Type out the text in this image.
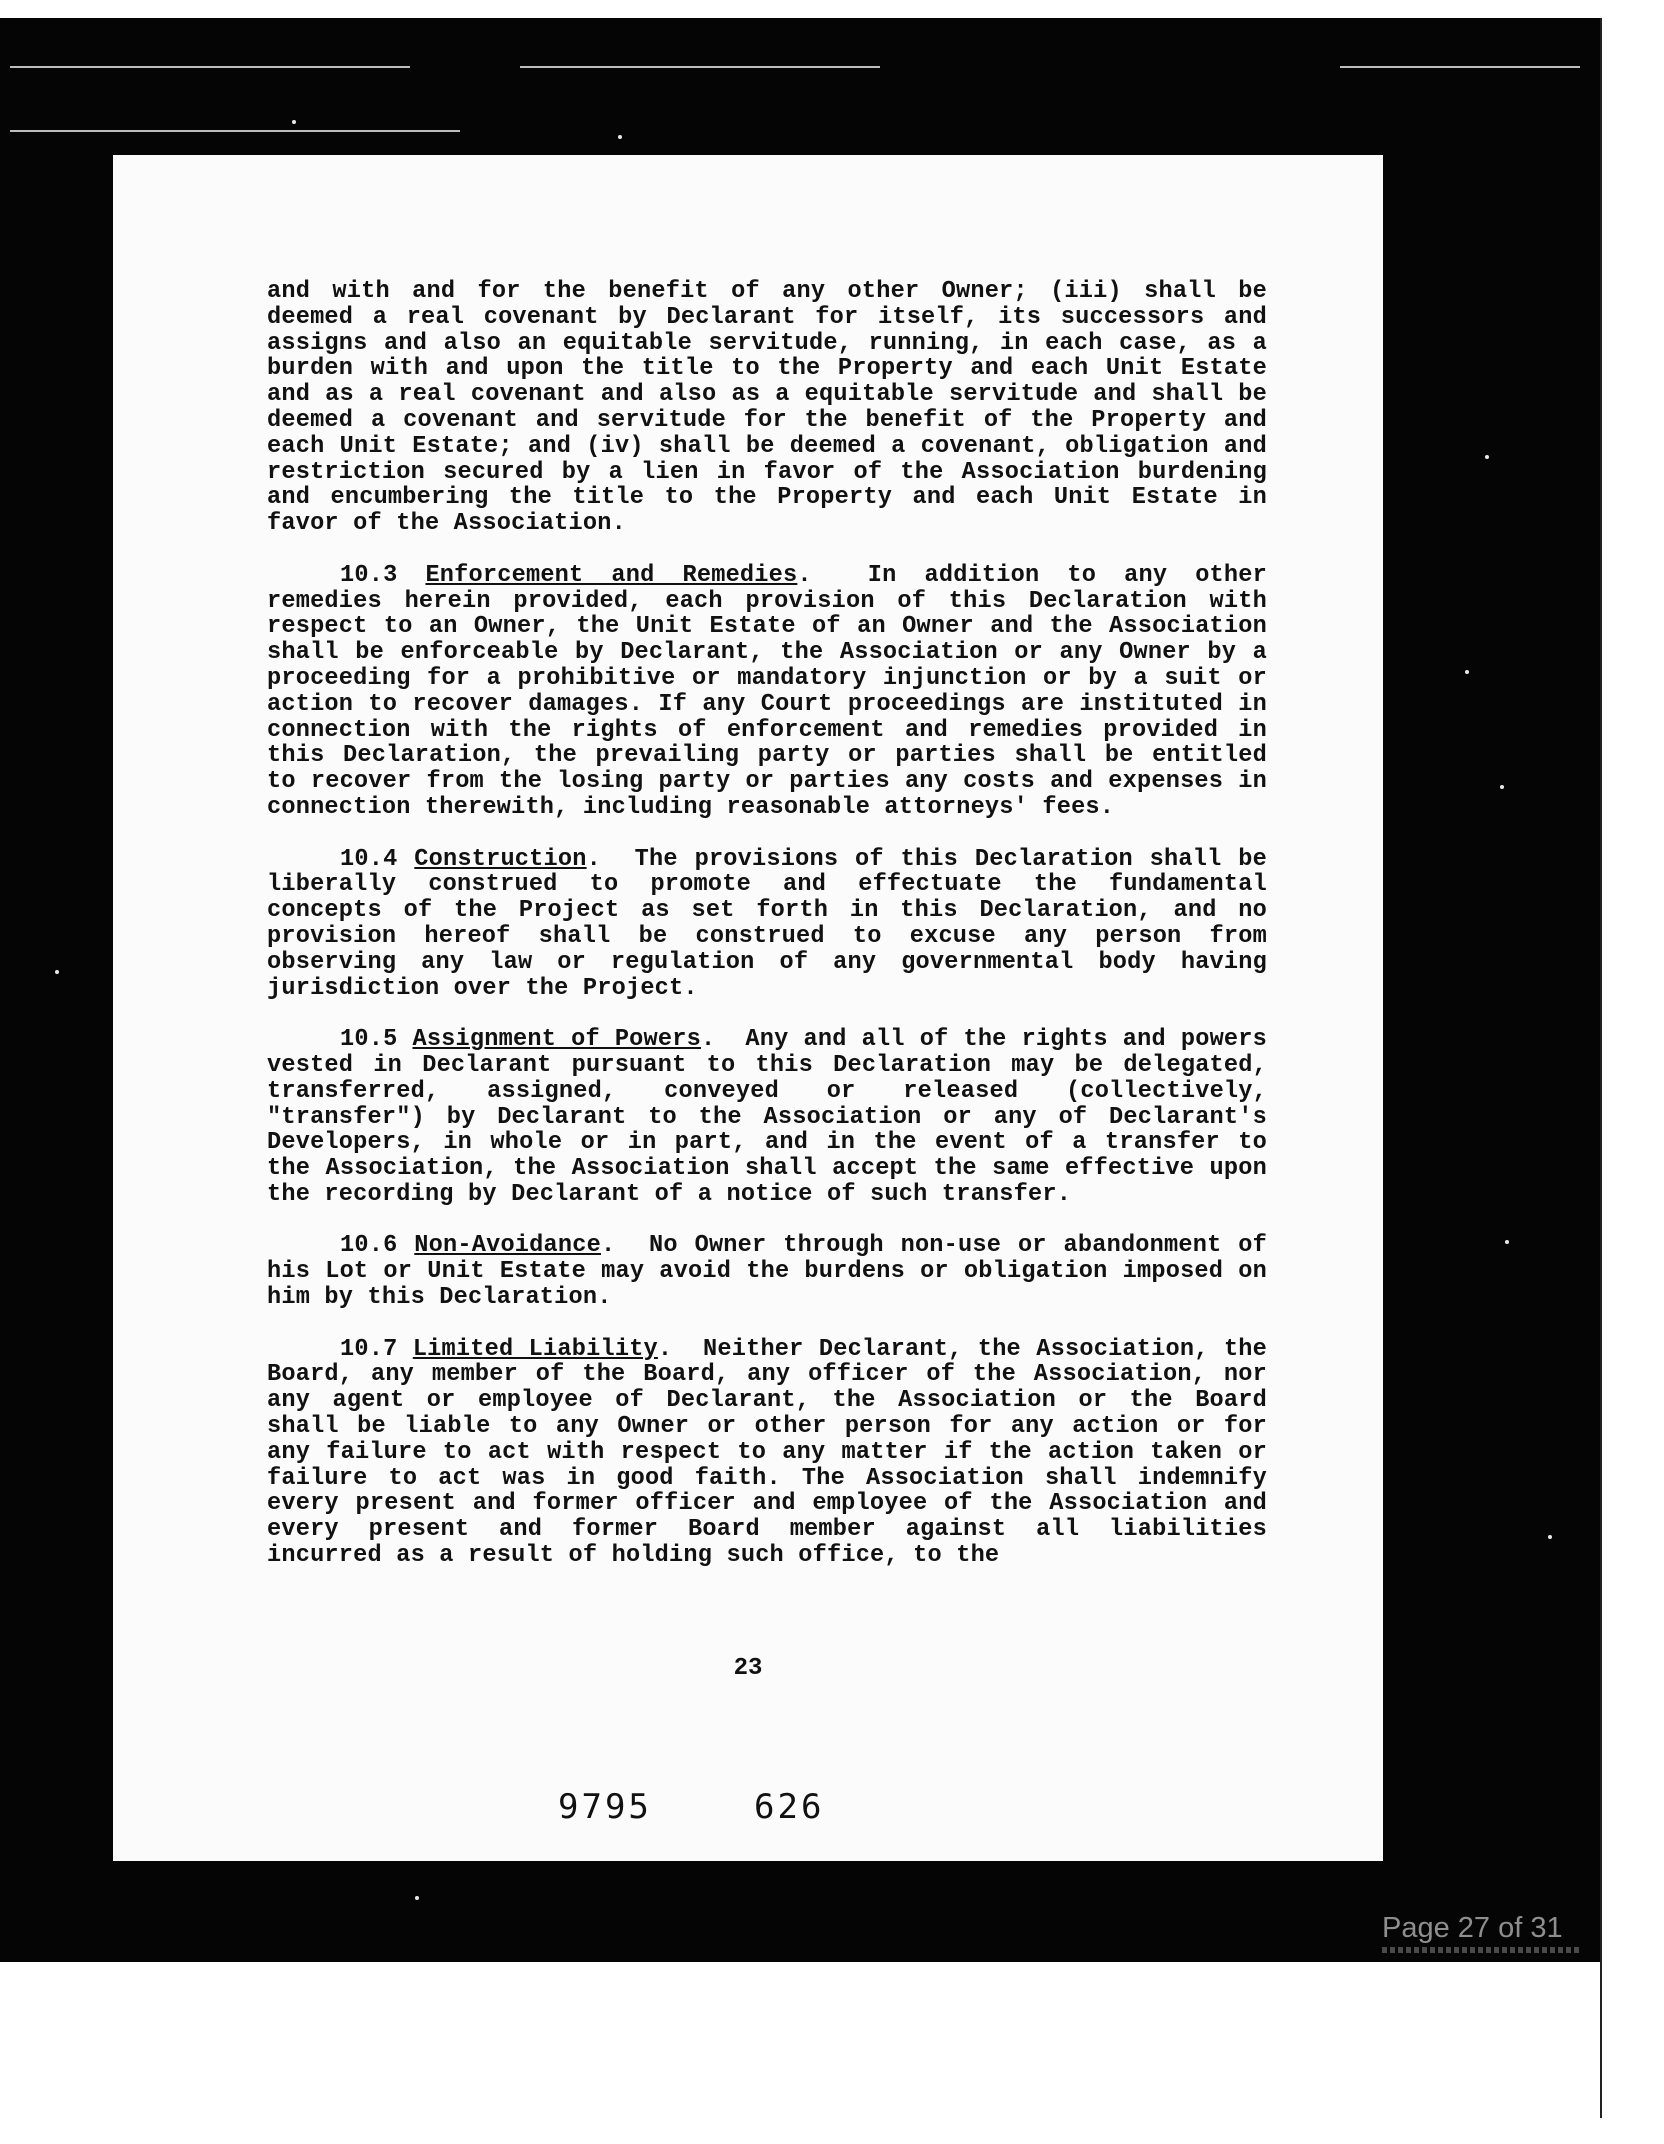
and with and for the benefit of any other Owner; (iii) shall be deemed a real covenant by Declarant for itself, its successors and assigns and also an equitable servitude, running, in each case, as a burden with and upon the title to the Property and each Unit Estate and as a real covenant and also as a equitable servitude and shall be deemed a covenant and servitude for the benefit of the Property and each Unit Estate; and (iv) shall be deemed a covenant, obligation and restriction secured by a lien in favor of the Association burdening and encumbering the title to the Property and each Unit Estate in favor of the Association.

10.3 Enforcement and Remedies.  In addition to any other remedies herein provided, each provision of this Declaration with respect to an Owner, the Unit Estate of an Owner and the Association shall be enforceable by Declarant, the Association or any Owner by a proceeding for a prohibitive or mandatory injunction or by a suit or action to recover damages. If any Court proceedings are instituted in connection with the rights of enforcement and remedies provided in this Declaration, the prevailing party or parties shall be entitled to recover from the losing party or parties any costs and expenses in connection therewith, including reasonable attorneys' fees.

10.4 Construction.  The provisions of this Declaration shall be liberally construed to promote and effectuate the fundamental concepts of the Project as set forth in this Declaration, and no provision hereof shall be construed to excuse any person from observing any law or regulation of any governmental body having jurisdiction over the Project.

10.5 Assignment of Powers.  Any and all of the rights and powers vested in Declarant pursuant to this Declaration may be delegated, transferred, assigned, conveyed or released (collectively, "transfer") by Declarant to the Association or any of Declarant's Developers, in whole or in part, and in the event of a transfer to the Association, the Association shall accept the same effective upon the recording by Declarant of a notice of such transfer.

10.6 Non-Avoidance.  No Owner through non-use or abandonment of his Lot or Unit Estate may avoid the burdens or obligation imposed on him by this Declaration.

10.7 Limited Liability.  Neither Declarant, the Association, the Board, any member of the Board, any officer of the Association, nor any agent or employee of Declarant, the Association or the Board shall be liable to any Owner or other person for any action or for any failure to act with respect to any matter if the action taken or failure to act was in good faith. The Association shall indemnify every present and former officer and employee of the Association and every present and former Board member against all liabilities incurred as a result of holding such office, to the

23
9795	626
Page 27 of 31
